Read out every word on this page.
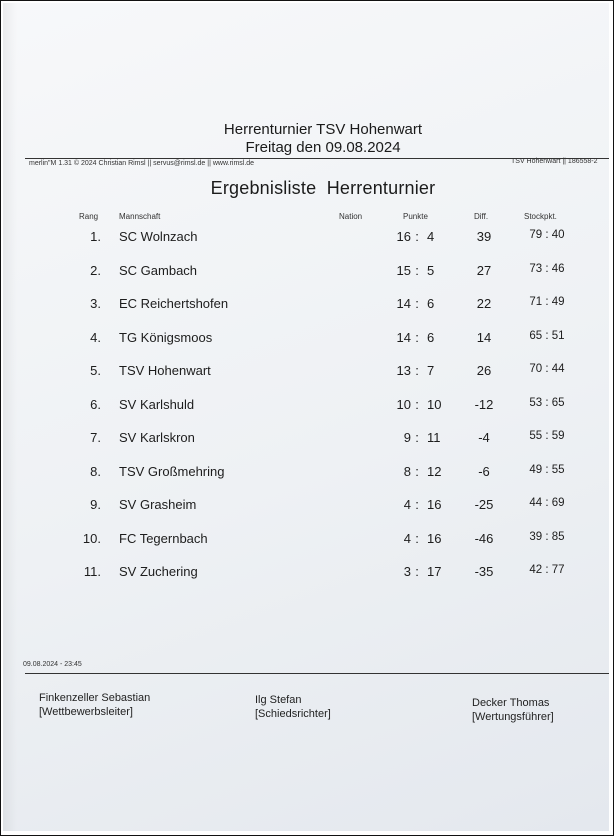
Herrenturnier TSV Hohenwart
Freitag den 09.08.2024
merlin"M 1.31 © 2024 Christian Rimsl || servus@rimsl.de || www.rimsl.de	TSV Hohenwart || 186558-2
Ergebnisliste  Herrenturnier
Rang	Mannschaft	Nation	Punkte	Diff.	Stockpkt.
1. SC Wolnzach	16 : 4	39	79 : 40
2. SC Gambach	15 : 5	27	73 : 46
3. EC Reichertshofen	14 : 6	22	71 : 49
4. TG Königsmoos	14 : 6	14	65 : 51
5. TSV Hohenwart	13 : 7	26	70 : 44
6. SV Karlshuld	10 : 10	-12	53 : 65
7. SV Karlskron	9 : 11	-4	55 : 59
8. TSV Großmehring	8 : 12	-6	49 : 55
9. SV Grasheim	4 : 16	-25	44 : 69
10. FC Tegernbach	4 : 16	-46	39 : 85
11. SV Zuchering	3 : 17	-35	42 : 77
09.08.2024 - 23:45
Finkenzeller Sebastian
[Wettbewerbsleiter]
Ilg Stefan
[Schiedsrichter]
Decker Thomas
[Wertungsführer]
